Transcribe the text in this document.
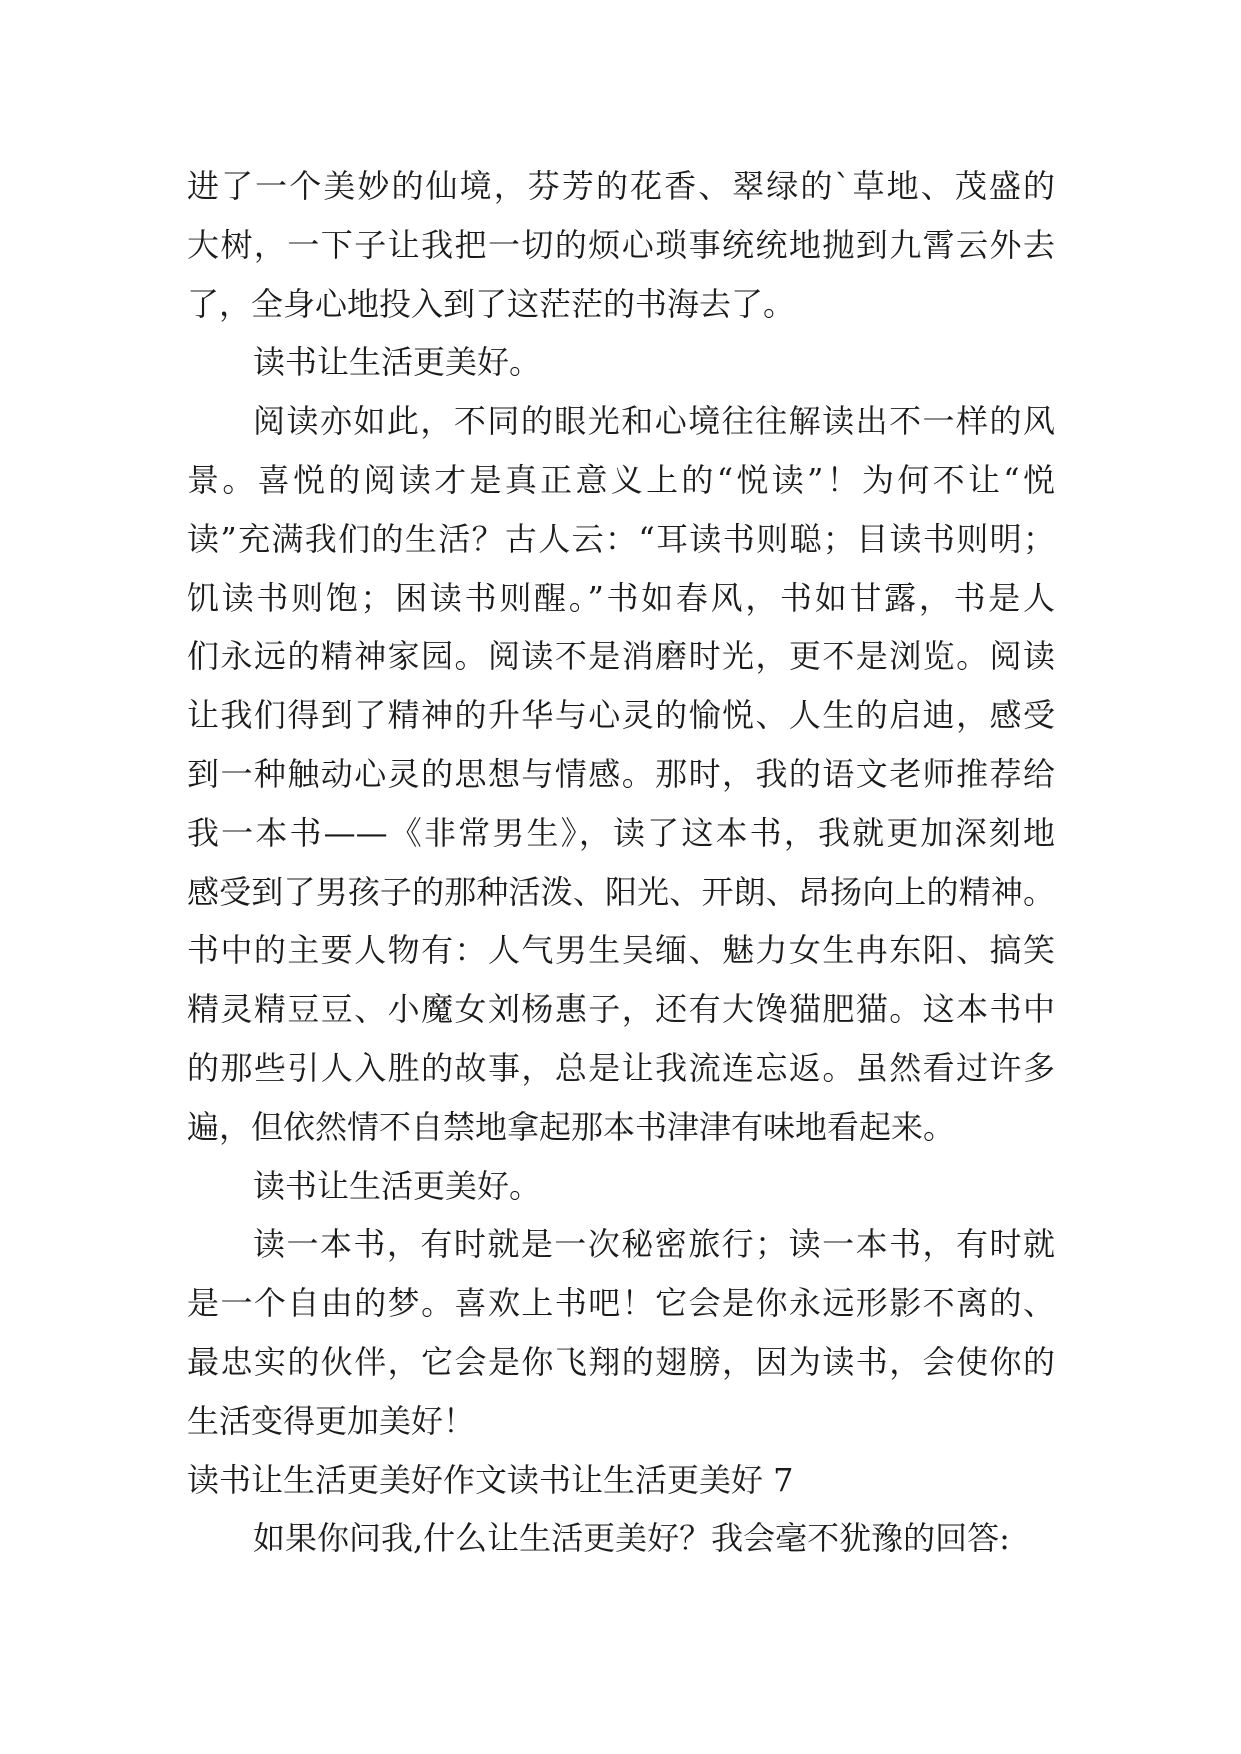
进了一个美妙的仙境，芬芳的花香、翠绿的`草地、茂盛的
大树，一下子让我把一切的烦心琐事统统地抛到九霄云外去
了，全身心地投入到了这茫茫的书海去了。
读书让生活更美好。
阅读亦如此，不同的眼光和心境往往解读出不一样的风
景。喜悦的阅读才是真正意义上的“悦读”！为何不让“悦
读”充满我们的生活？古人云：“耳读书则聪；目读书则明；
饥读书则饱；困读书则醒。”书如春风，书如甘露，书是人
们永远的精神家园。阅读不是消磨时光，更不是浏览。阅读
让我们得到了精神的升华与心灵的愉悦、人生的启迪，感受
到一种触动心灵的思想与情感。那时，我的语文老师推荐给
我一本书——《非常男生》，读了这本书，我就更加深刻地
感受到了男孩子的那种活泼、阳光、开朗、昂扬向上的精神。
书中的主要人物有：人气男生吴缅、魅力女生冉东阳、搞笑
精灵精豆豆、小魔女刘杨惠子，还有大馋猫肥猫。这本书中
的那些引人入胜的故事，总是让我流连忘返。虽然看过许多
遍，但依然情不自禁地拿起那本书津津有味地看起来。
读书让生活更美好。
读一本书，有时就是一次秘密旅行；读一本书，有时就
是一个自由的梦。喜欢上书吧！它会是你永远形影不离的、
最忠实的伙伴，它会是你飞翔的翅膀，因为读书，会使你的
生活变得更加美好！
读书让生活更美好作文读书让生活更美好 7
如果你问我,什么让生活更美好？我会毫不犹豫的回答:
